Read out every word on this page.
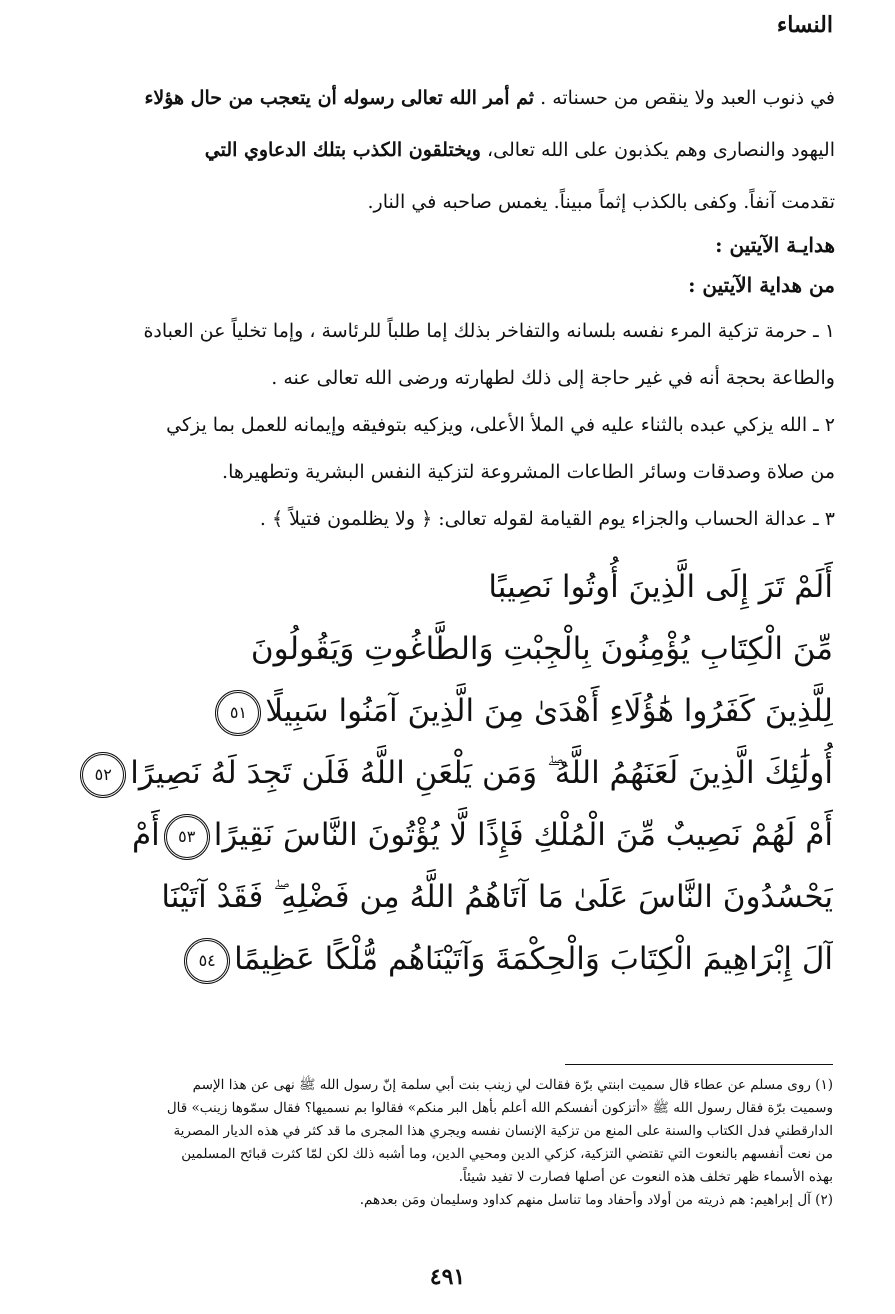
النساء
في ذنوب العبد ولا ينقص من حسناته . ثم أمر الله تعالى رسوله أن يتعجب من حال هؤلاء
اليهود والنصارى وهم يكذبون على الله تعالى، ويختلقون الكذب بتلك الدعاوي التي
تقدمت آنفاً. وكفى بالكذب إثماً مبيناً. يغمس صاحبه في النار.
هدايـة الآيتين :
من هداية الآيتين :
١ ـ حرمة تزكية المرء نفسه بلسانه والتفاخر بذلك إما طلباً للرئاسة ، وإما تخلياً عن العبادة
والطاعة بحجة أنه في غير حاجة إلى ذلك لطهارته ورضى الله تعالى عنه .
٢ ـ الله يزكي عبده بالثناء عليه في الملأ الأعلى، ويزكيه بتوفيقه وإيمانه للعمل بما يزكي
من صلاة وصدقات وسائر الطاعات المشروعة لتزكية النفس البشرية وتطهيرها.
٣ ـ عدالة الحساب والجزاء يوم القيامة لقوله تعالى: ﴿ ولا يظلمون فتيلاً ﴾ .
أَلَمْ تَرَ إِلَى الَّذِينَ أُوتُوا نَصِيبًا
مِّنَ الْكِتَابِ يُؤْمِنُونَ بِالْجِبْتِ وَالطَّاغُوتِ وَيَقُولُونَ
لِلَّذِينَ كَفَرُوا هَٰؤُلَاءِ أَهْدَىٰ مِنَ الَّذِينَ آمَنُوا سَبِيلًا٥١
أُولَٰئِكَ الَّذِينَ لَعَنَهُمُ اللَّهُ ۖ وَمَن يَلْعَنِ اللَّهُ فَلَن تَجِدَ لَهُ نَصِيرًا٥٢
أَمْ لَهُمْ نَصِيبٌ مِّنَ الْمُلْكِ فَإِذًا لَّا يُؤْتُونَ النَّاسَ نَقِيرًا٥٣أَمْ
يَحْسُدُونَ النَّاسَ عَلَىٰ مَا آتَاهُمُ اللَّهُ مِن فَضْلِهِ ۖ فَقَدْ آتَيْنَا
آلَ إِبْرَاهِيمَ الْكِتَابَ وَالْحِكْمَةَ وَآتَيْنَاهُم مُّلْكًا عَظِيمًا٥٤
(١) روى مسلم عن عطاء قال سميت ابنتي برّة فقالت لي زينب بنت أبي سلمة إنّ رسول الله ﷺ نهى عن هذا الإسم
وسميت برّة فقال رسول الله ﷺ «أتزكون أنفسكم الله أعلم بأهل البر منكم» فقالوا بم نسميها؟ فقال سمّوها زينب» قال
الدارقطني فدل الكتاب والسنة على المنع من تزكية الإنسان نفسه ويجري هذا المجرى ما قد كثر في هذه الديار المصرية
من نعت أنفسهم بالنعوت التي تقتضي التزكية، كزكي الدين ومحيي الدين، وما أشبه ذلك لكن لمّا كثرت قبائح المسلمين
بهذه الأسماء ظهر تخلف هذه النعوت عن أصلها فصارت لا تفيد شيئاً.
(٢) آل إبراهيم: هم ذريته من أولاد وأحفاد وما تناسل منهم كداود وسليمان ومَن بعدهم.
٤٩١
